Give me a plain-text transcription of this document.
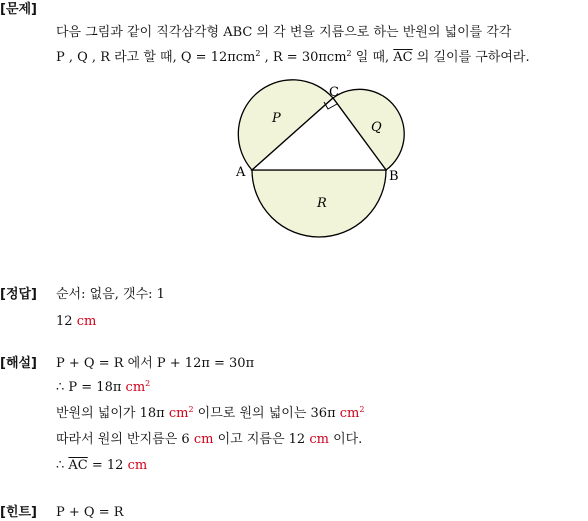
[문제]
다음 그림과 같이 직각삼각형 ABC 의 각 변을 지름으로 하는 반원의 넓이를 각각
P , Q , R 라고 할 때, Q = 12πcm$^2$ , R = 30πcm$^2$ 일 때, $\overline{AC}$ 의 길이를 구하여라.
A	B
C
P
Q
R
[정답] 순서: 없음, 갯수: 1
12 cm
[해설] P + Q = R 에서 P + 12π = 30π
∴ P = 18π $cm^2$
반원의 넓이가 18π $cm^2$ 이므로 원의 넓이는 36π $cm^2$
따라서 원의 반지름은 6 cm 이고 지름은 12 cm 이다.
∴ $\overline{AC} = 12$ cm
[힌트] P + Q = R
